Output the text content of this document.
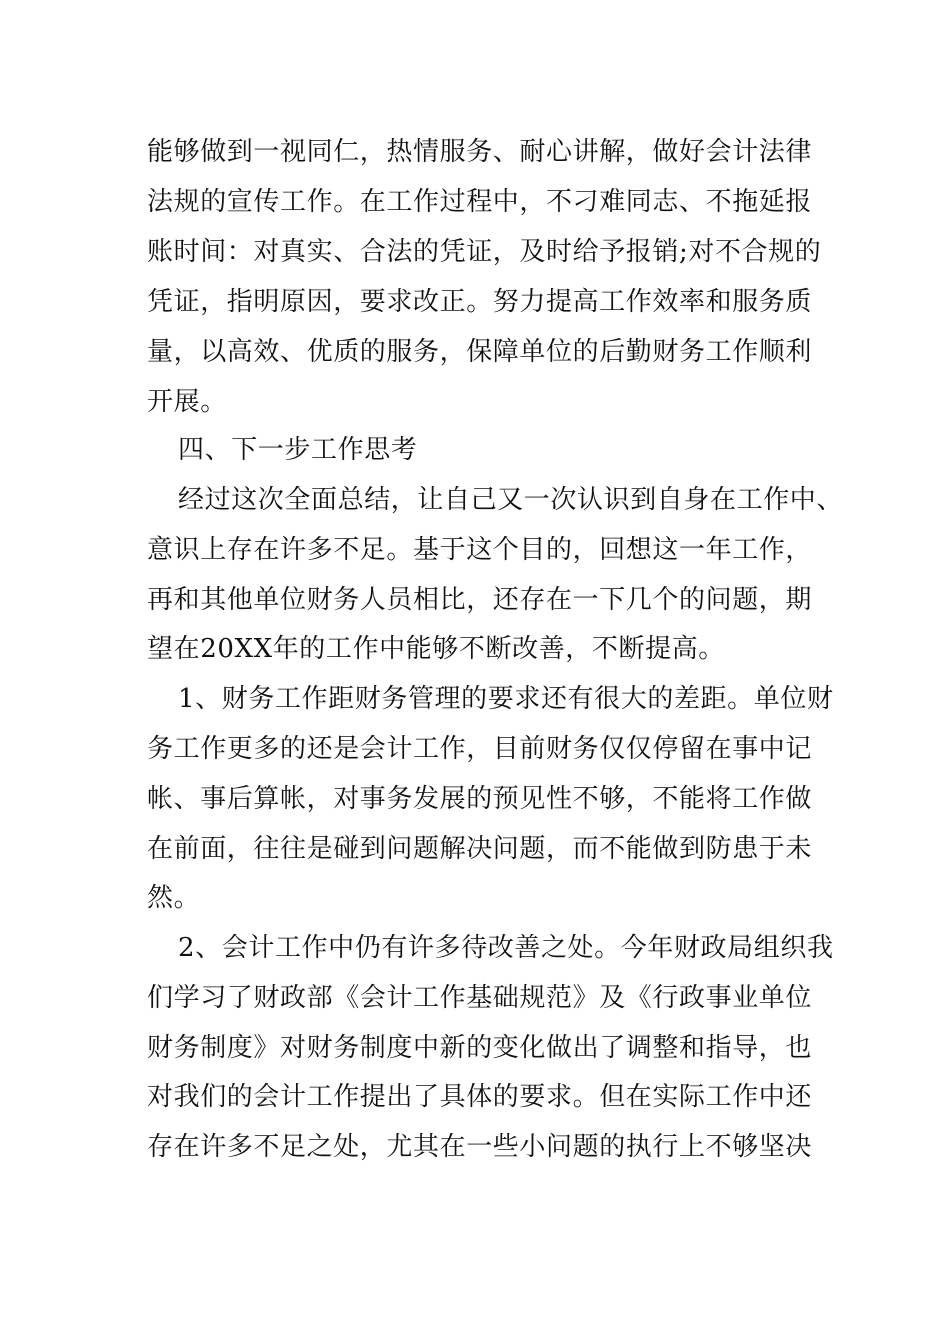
能够做到一视同仁，热情服务、耐心讲解，做好会计法律
法规的宣传工作。在工作过程中，不刁难同志、不拖延报
账时间：对真实、合法的凭证，及时给予报销;对不合规的
凭证，指明原因，要求改正。努力提高工作效率和服务质
量，以高效、优质的服务，保障单位的后勤财务工作顺利
开展。
四、下一步工作思考
经过这次全面总结，让自己又一次认识到自身在工作中、
意识上存在许多不足。基于这个目的，回想这一年工作，
再和其他单位财务人员相比，还存在一下几个的问题，期
望在20XX年的工作中能够不断改善，不断提高。
1、财务工作距财务管理的要求还有很大的差距。单位财
务工作更多的还是会计工作，目前财务仅仅停留在事中记
帐、事后算帐，对事务发展的预见性不够，不能将工作做
在前面，往往是碰到问题解决问题，而不能做到防患于未
然。
2、会计工作中仍有许多待改善之处。今年财政局组织我
们学习了财政部《会计工作基础规范》及《行政事业单位
财务制度》对财务制度中新的变化做出了调整和指导，也
对我们的会计工作提出了具体的要求。但在实际工作中还
存在许多不足之处，尤其在一些小问题的执行上不够坚决
